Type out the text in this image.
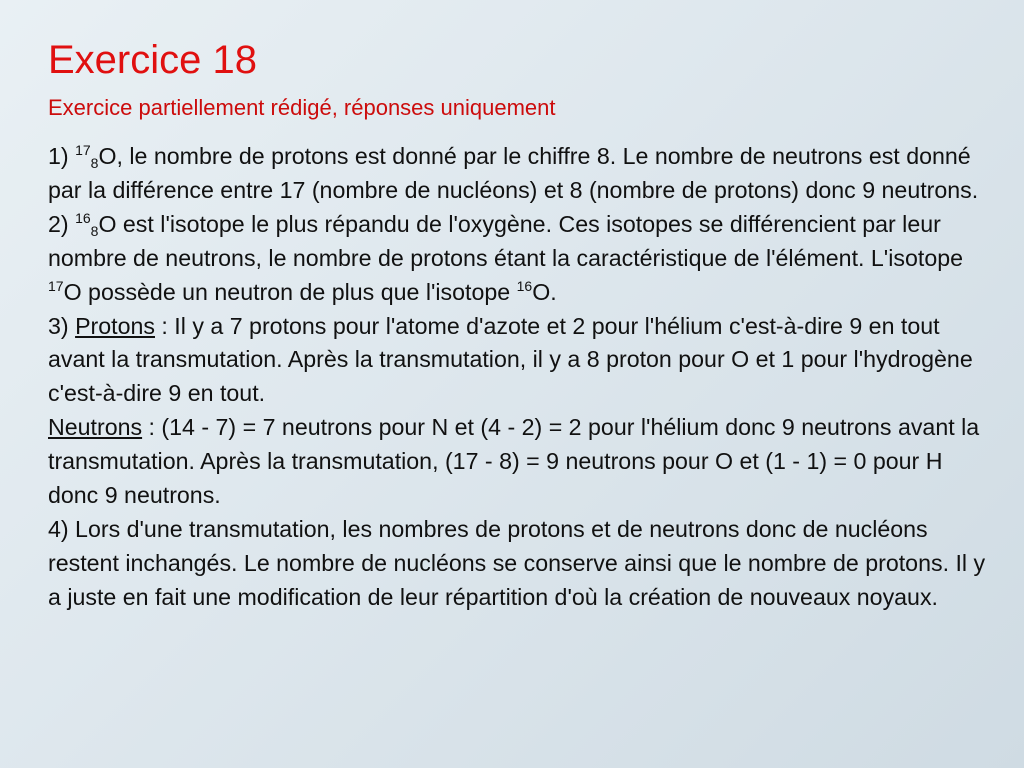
Exercice 18
Exercice partiellement rédigé, réponses uniquement

1) $^{17}_8$O, le nombre de protons est donné par le chiffre 8. Le nombre de neutrons est donné par la différence entre 17 (nombre de nucléons) et 8 (nombre de protons) donc 9 neutrons.

2) $^{16}_8$O est l'isotope le plus répandu de l'oxygène. Ces isotopes se différencient par leur nombre de neutrons, le nombre de protons étant la caractéristique de l'élément. L'isotope $^{17}$O possède un neutron de plus que l'isotope $^{16}$O.

3) Protons : Il y a 7 protons pour l'atome d'azote et 2 pour l'hélium c'est-à-dire 9 en tout avant la transmutation. Après la transmutation, il y a 8 proton pour O et 1 pour l'hydrogène c'est-à-dire 9 en tout.

Neutrons : (14 - 7) = 7 neutrons pour N et (4 - 2) = 2 pour l'hélium donc 9 neutrons avant la transmutation. Après la transmutation, (17 - 8) = 9 neutrons pour O et (1 - 1) = 0 pour H donc 9 neutrons.

4) Lors d'une transmutation, les nombres de protons et de neutrons donc de nucléons restent inchangés. Le nombre de nucléons se conserve ainsi que le nombre de protons. Il y a juste en fait une modification de leur répartition d'où la création de nouveaux noyaux.
